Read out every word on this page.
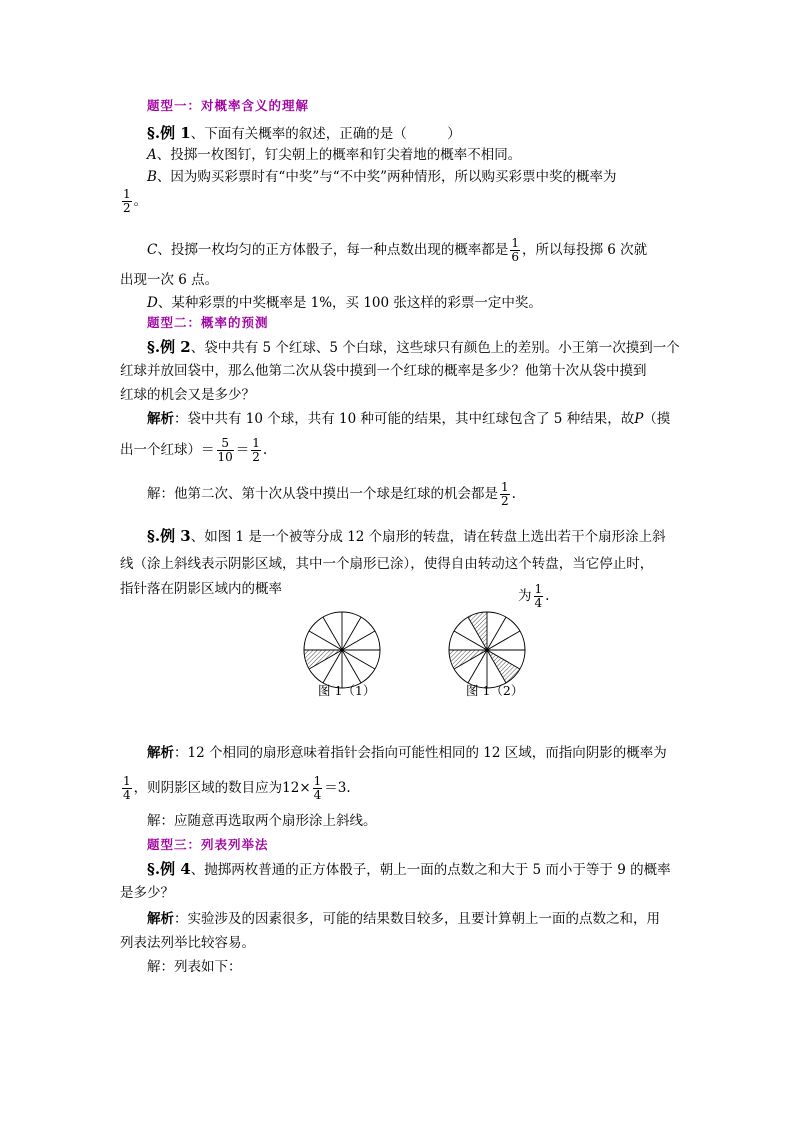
题型一：对概率含义的理解
§.例 1、下面有关概率的叙述，正确的是（　　　）
A、投掷一枚图钉，钉尖朝上的概率和钉尖着地的概率不相同。
B、因为购买彩票时有“中奖”与“不中奖”两种情形，所以购买彩票中奖的概率为
$\frac{1}{2}$ 。
C、投掷一枚均匀的正方体骰子，每一种点数出现的概率都是 $\frac{1}{6}$ ，所以每投掷 6 次就
出现一次 6 点。
D、某种彩票的中奖概率是 1%，买 100 张这样的彩票一定中奖。
题型二：概率的预测
§.例 2、袋中共有 5 个红球、5 个白球，这些球只有颜色上的差别。小王第一次摸到一个
红球并放回袋中，那么他第二次从袋中摸到一个红球的概率是多少？他第十次从袋中摸到
红球的机会又是多少？
解析：袋中共有 10 个球，共有 10 种可能的结果，其中红球包含了 5 种结果，故P（摸
出一个红球）＝ $\frac{5}{10} = \frac{1}{2}$ .
解：他第二次、第十次从袋中摸出一个球是红球的机会都是 $\frac{1}{2}$ .
§.例 3、如图 1 是一个被等分成 12 个扇形的转盘，请在转盘上选出若干个扇形涂上斜
线（涂上斜线表示阴影区域，其中一个扇形已涂），使得自由转动这个转盘，当它停止时，
指针落在阴影区域内的概率	为 $\frac{1}{4}$ .
图 1（1）	图 1（2）
解析：12 个相同的扇形意味着指针会指向可能性相同的 12 区域，而指向阴影的概率为
$\frac{1}{4}$ ，则阴影区域的数目应为$12\times \frac{1}{4} =3$.
解：应随意再选取两个扇形涂上斜线。
题型三：列表列举法
§.例 4、抛掷两枚普通的正方体骰子，朝上一面的点数之和大于 5 而小于等于 9 的概率
是多少？
解析：实验涉及的因素很多，可能的结果数目较多，且要计算朝上一面的点数之和，用
列表法列举比较容易。
解：列表如下：
